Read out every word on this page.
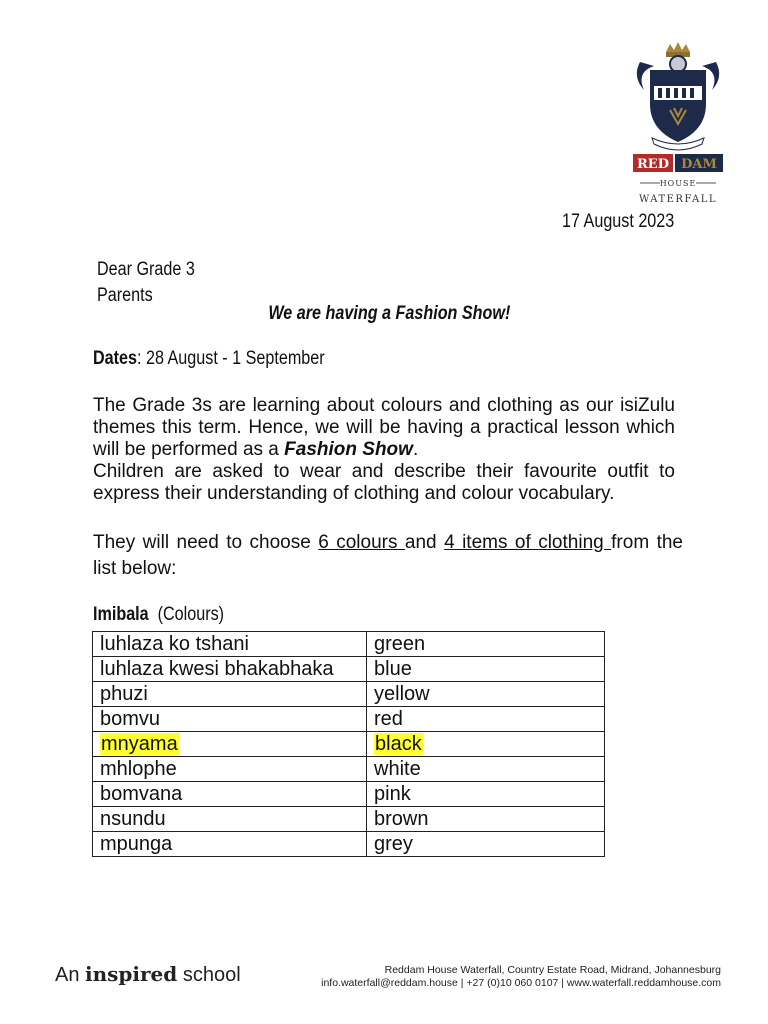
RED DAM
HOUSE
WATERFALL
17 August 2023
Dear Grade 3
Parents
We are having a Fashion Show!
Dates: 28 August - 1 September
The Grade 3s are learning about colours and clothing as our isiZulu themes this term. Hence, we will be having a practical lesson which will be performed as a Fashion Show.
Children are asked to wear and describe their favourite outfit to express their understanding of clothing and colour vocabulary.
They will need to choose 6 colours and 4 items of clothing from the list below:
Imibala (Colours)
luhlaza ko tshani	green
luhlaza kwesi bhakabhaka	blue
phuzi	yellow
bomvu	red
mnyama	black
mhlophe	white
bomvana	pink
nsundu	brown
mpunga	grey
An inspired school	Reddam House Waterfall, Country Estate Road, Midrand, Johannesburg
info.waterfall@reddam.house | +27 (0)10 060 0107 | www.waterfall.reddamhouse.com
